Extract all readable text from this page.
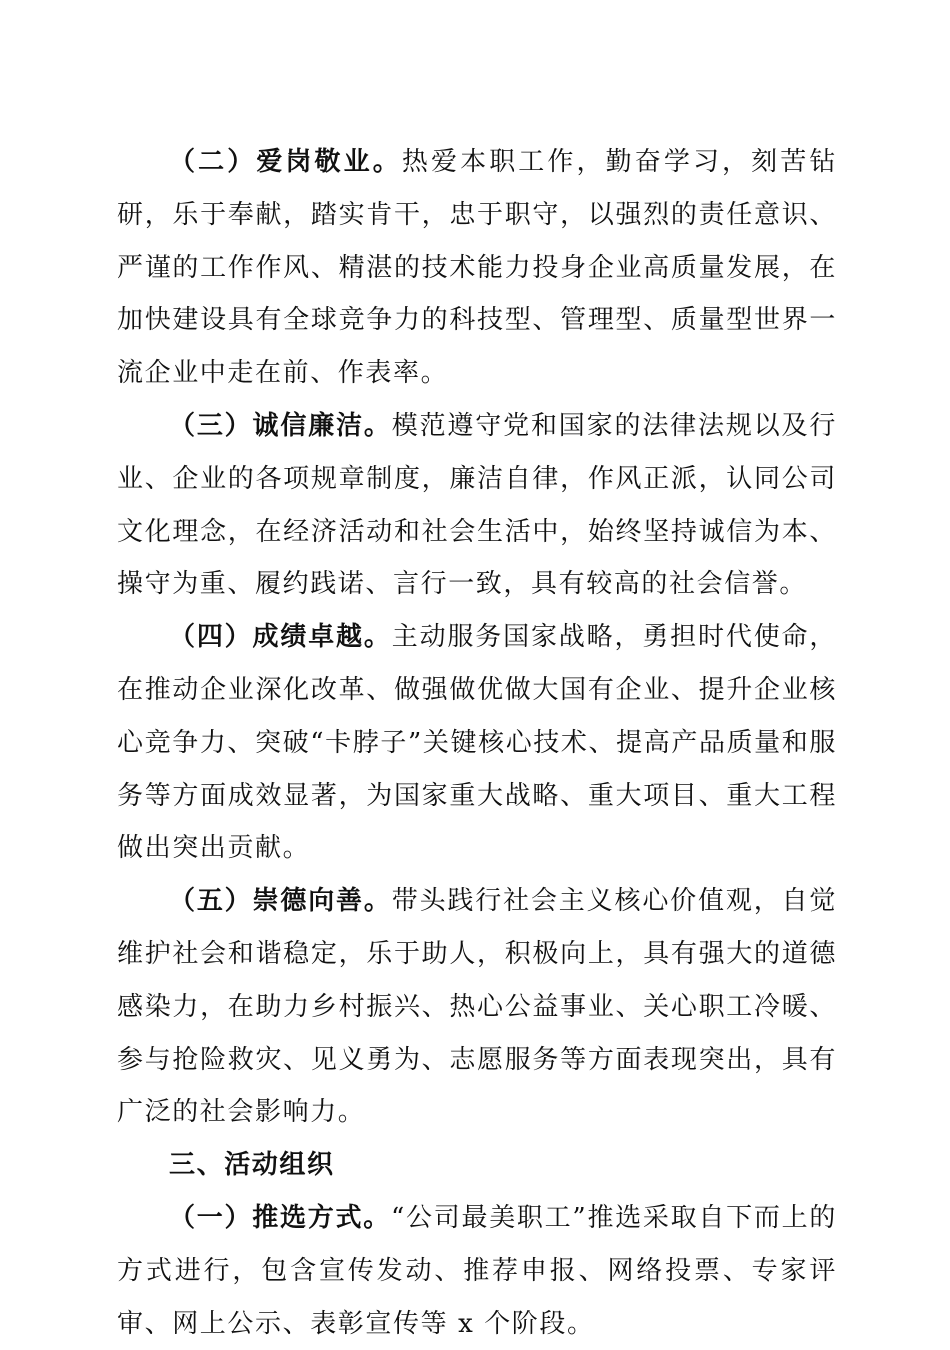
（二）爱岗敬业。热爱本职工作，勤奋学习，刻苦钻研，乐于奉献，踏实肯干，忠于职守，以强烈的责任意识、严谨的工作作风、精湛的技术能力投身企业高质量发展，在加快建设具有全球竞争力的科技型、管理型、质量型世界一流企业中走在前、作表率。

（三）诚信廉洁。模范遵守党和国家的法律法规以及行业、企业的各项规章制度，廉洁自律，作风正派，认同公司文化理念，在经济活动和社会生活中，始终坚持诚信为本、操守为重、履约践诺、言行一致，具有较高的社会信誉。

（四）成绩卓越。主动服务国家战略，勇担时代使命，在推动企业深化改革、做强做优做大国有企业、提升企业核心竞争力、突破“卡脖子”关键核心技术、提高产品质量和服务等方面成效显著，为国家重大战略、重大项目、重大工程做出突出贡献。

（五）崇德向善。带头践行社会主义核心价值观，自觉维护社会和谐稳定，乐于助人，积极向上，具有强大的道德感染力，在助力乡村振兴、热心公益事业、关心职工冷暖、参与抢险救灾、见义勇为、志愿服务等方面表现突出，具有广泛的社会影响力。

三、活动组织

（一）推选方式。“公司最美职工”推选采取自下而上的方式进行，包含宣传发动、推荐申报、网络投票、专家评审、网上公示、表彰宣传等 x 个阶段。
